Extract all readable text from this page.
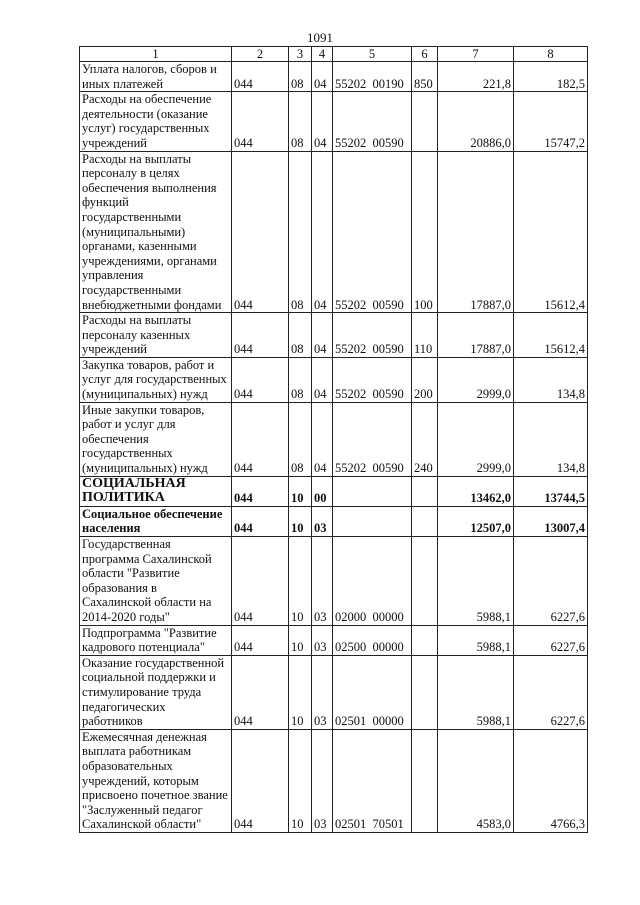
1091
1	2	3	4	5	6	7	8
Уплата налогов, сборов и иных платежей	044	08	04	55202  00190	850	221,8	182,5
Расходы на обеспечение деятельности (оказание услуг) государственных учреждений	044	08	04	55202  00590		20886,0	15747,2
Расходы на выплаты персоналу в целях обеспечения выполнения функций государственными (муниципальными) органами, казенными учреждениями, органами управления государственными внебюджетными фондами	044	08	04	55202  00590	100	17887,0	15612,4
Расходы на выплаты персоналу казенных учреждений	044	08	04	55202  00590	110	17887,0	15612,4
Закупка товаров, работ и услуг для государственных (муниципальных) нужд	044	08	04	55202  00590	200	2999,0	134,8
Иные закупки товаров, работ и услуг для обеспечения государственных (муниципальных) нужд	044	08	04	55202  00590	240	2999,0	134,8
СОЦИАЛЬНАЯ ПОЛИТИКА	044	10	00			13462,0	13744,5
Социальное обеспечение населения	044	10	03			12507,0	13007,4
Государственная программа Сахалинской области "Развитие образования в Сахалинской области на 2014-2020 годы"	044	10	03	02000  00000		5988,1	6227,6
Подпрограмма "Развитие кадрового потенциала"	044	10	03	02500  00000		5988,1	6227,6
Оказание государственной социальной поддержки и стимулирование труда педагогических работников	044	10	03	02501  00000		5988,1	6227,6
Ежемесячная денежная выплата работникам образовательных учреждений, которым присвоено почетное звание "Заслуженный педагог Сахалинской области"	044	10	03	02501  70501		4583,0	4766,3
